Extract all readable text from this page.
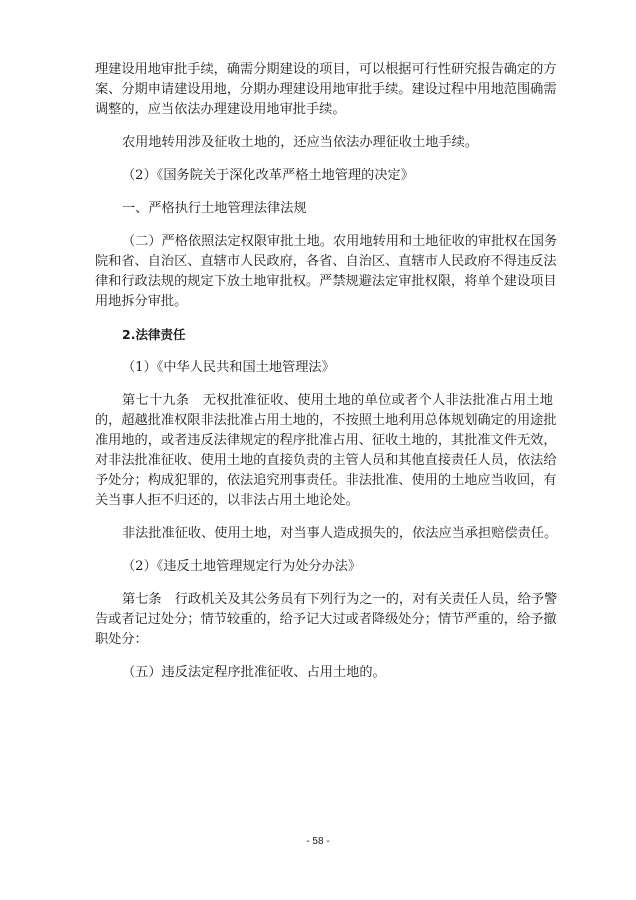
理建设用地审批手续，确需分期建设的项目，可以根据可行性研究报告确定的方
案、分期申请建设用地，分期办理建设用地审批手续。建设过程中用地范围确需
调整的，应当依法办理建设用地审批手续。
农用地转用涉及征收土地的，还应当依法办理征收土地手续。
（2）《国务院关于深化改革严格土地管理的决定》
一、严格执行土地管理法律法规
（二）严格依照法定权限审批土地。农用地转用和土地征收的审批权在国务
院和省、自治区、直辖市人民政府，各省、自治区、直辖市人民政府不得违反法
律和行政法规的规定下放土地审批权。严禁规避法定审批权限，将单个建设项目
用地拆分审批。
2.法律责任
（1）《中华人民共和国土地管理法》
第七十九条　无权批准征收、使用土地的单位或者个人非法批准占用土地
的，超越批准权限非法批准占用土地的，不按照土地利用总体规划确定的用途批
准用地的，或者违反法律规定的程序批准占用、征收土地的，其批准文件无效，
对非法批准征收、使用土地的直接负责的主管人员和其他直接责任人员，依法给
予处分；构成犯罪的，依法追究刑事责任。非法批准、使用的土地应当收回，有
关当事人拒不归还的，以非法占用土地论处。
非法批准征收、使用土地，对当事人造成损失的，依法应当承担赔偿责任。
（2）《违反土地管理规定行为处分办法》
第七条　行政机关及其公务员有下列行为之一的，对有关责任人员，给予警
告或者记过处分；情节较重的，给予记大过或者降级处分；情节严重的，给予撤
职处分：
（五）违反法定程序批准征收、占用土地的。
- 58 -
